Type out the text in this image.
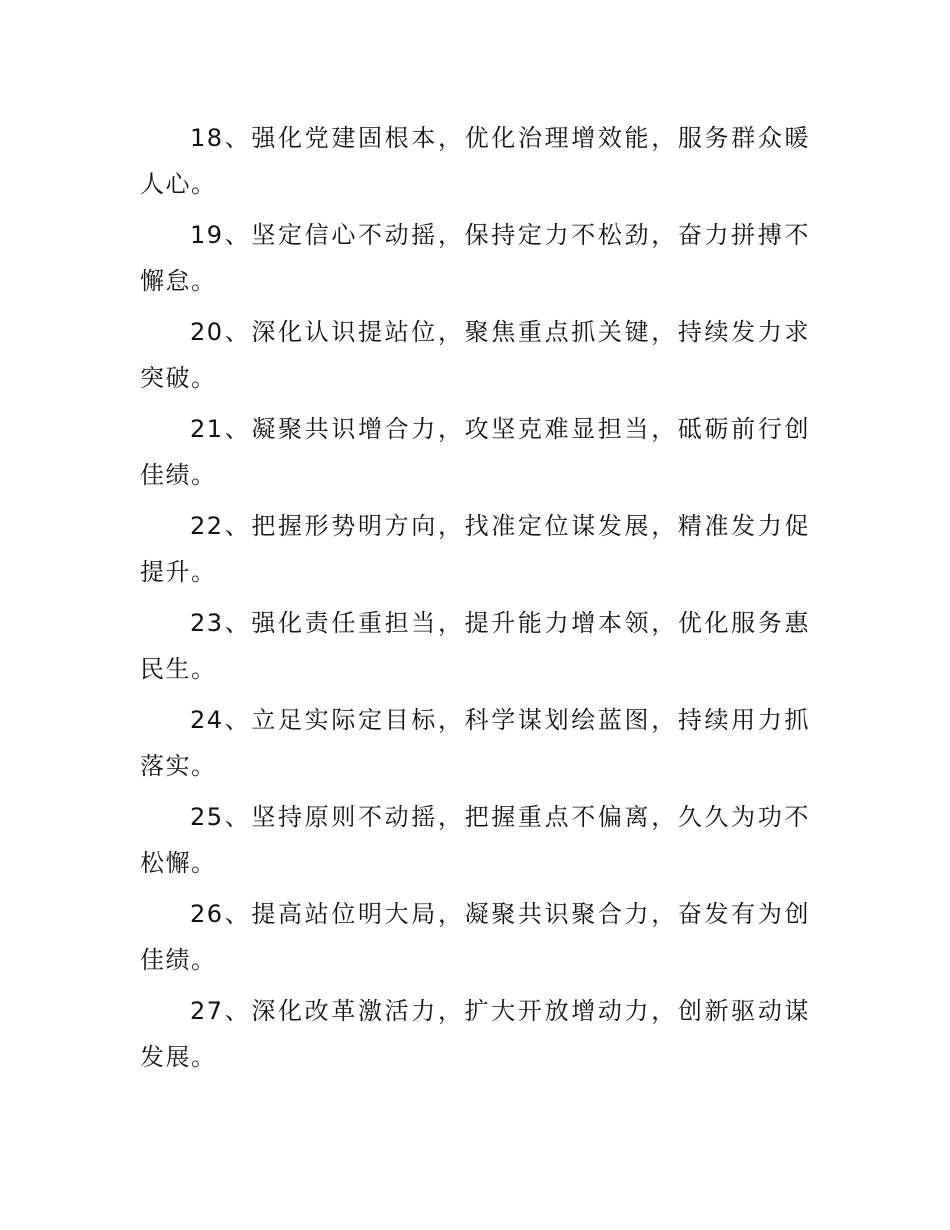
18、强化党建固根本，优化治理增效能，服务群众暖人心。

19、坚定信心不动摇，保持定力不松劲，奋力拼搏不懈怠。

20、深化认识提站位，聚焦重点抓关键，持续发力求突破。

21、凝聚共识增合力，攻坚克难显担当，砥砺前行创佳绩。

22、把握形势明方向，找准定位谋发展，精准发力促提升。

23、强化责任重担当，提升能力增本领，优化服务惠民生。

24、立足实际定目标，科学谋划绘蓝图，持续用力抓落实。

25、坚持原则不动摇，把握重点不偏离，久久为功不松懈。

26、提高站位明大局，凝聚共识聚合力，奋发有为创佳绩。

27、深化改革激活力，扩大开放增动力，创新驱动谋发展。
